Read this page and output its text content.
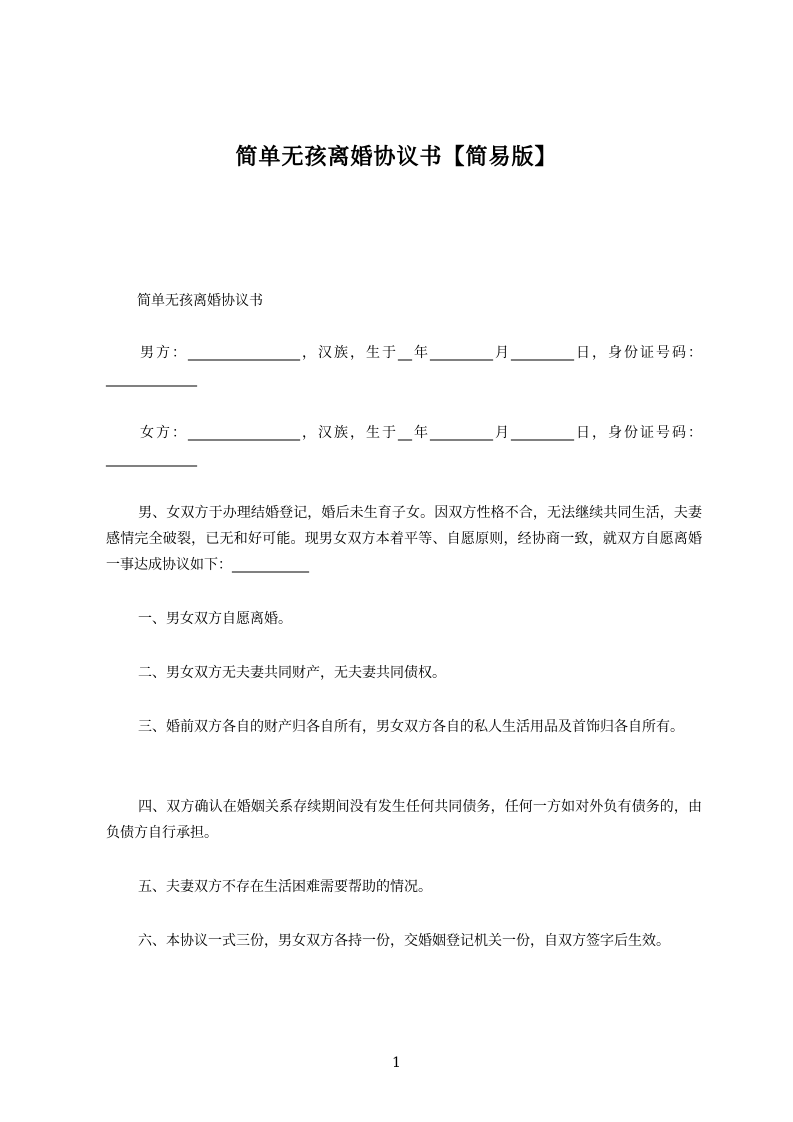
简单无孩离婚协议书【简易版】
简单无孩离婚协议书
男方：________________，汉族，生于__年_________月_________日，身份证号码：_____________
女方：________________，汉族，生于__年_________月_________日，身份证号码：_____________
男、女双方于办理结婚登记，婚后未生育子女。因双方性格不合，无法继续共同生活，夫妻感情完全破裂，已无和好可能。现男女双方本着平等、自愿原则，经协商一致，就双方自愿离婚一事达成协议如下：___________
一、男女双方自愿离婚。
二、男女双方无夫妻共同财产，无夫妻共同债权。
三、婚前双方各自的财产归各自所有，男女双方各自的私人生活用品及首饰归各自所有。
四、双方确认在婚姻关系存续期间没有发生任何共同债务，任何一方如对外负有债务的，由负债方自行承担。
五、夫妻双方不存在生活困难需要帮助的情况。
六、本协议一式三份，男女双方各持一份，交婚姻登记机关一份，自双方签字后生效。
1
